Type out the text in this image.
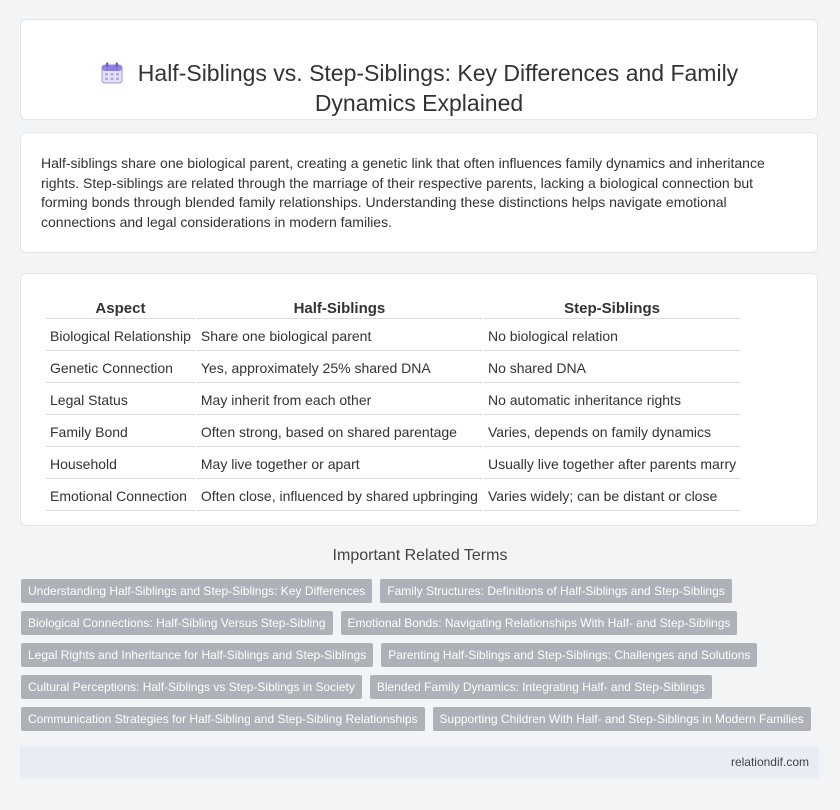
Half-Siblings vs. Step-Siblings: Key Differences and Family Dynamics Explained

Half-siblings share one biological parent, creating a genetic link that often influences family dynamics and inheritance rights. Step-siblings are related through the marriage of their respective parents, lacking a biological connection but forming bonds through blended family relationships. Understanding these distinctions helps navigate emotional connections and legal considerations in modern families.

Aspect	Half-Siblings	Step-Siblings
Biological Relationship	Share one biological parent	No biological relation
Genetic Connection	Yes, approximately 25% shared DNA	No shared DNA
Legal Status	May inherit from each other	No automatic inheritance rights
Family Bond	Often strong, based on shared parentage	Varies, depends on family dynamics
Household	May live together or apart	Usually live together after parents marry
Emotional Connection	Often close, influenced by shared upbringing	Varies widely; can be distant or close
Important Related Terms
Understanding Half-Siblings and Step-Siblings: Key Differences	Family Structures: Definitions of Half-Siblings and Step-Siblings
Biological Connections: Half-Sibling Versus Step-Sibling	Emotional Bonds: Navigating Relationships With Half- and Step-Siblings
Legal Rights and Inheritance for Half-Siblings and Step-Siblings	Parenting Half-Siblings and Step-Siblings: Challenges and Solutions
Cultural Perceptions: Half-Siblings vs Step-Siblings in Society	Blended Family Dynamics: Integrating Half- and Step-Siblings
Communication Strategies for Half-Sibling and Step-Sibling Relationships	Supporting Children With Half- and Step-Siblings in Modern Families
relationdif.com
